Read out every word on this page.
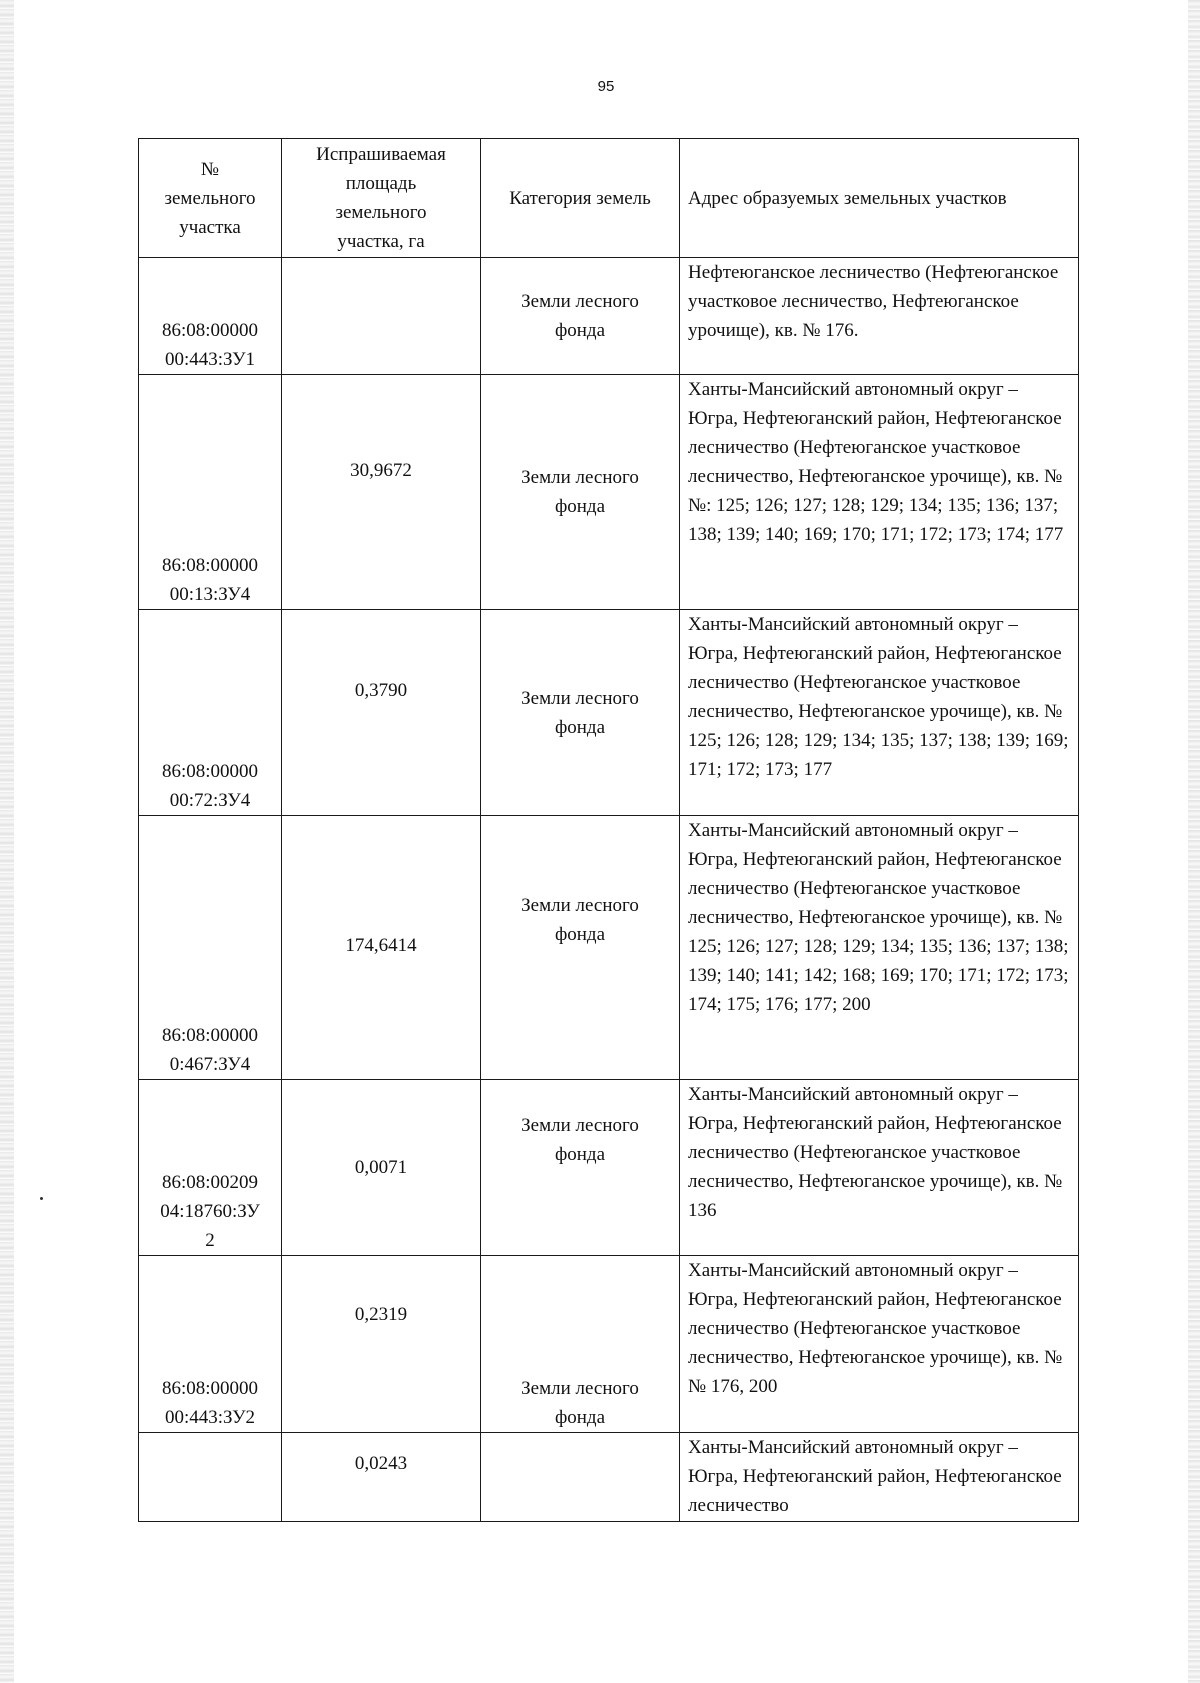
95
№
земельного
участка	Испрашиваемая
площадь
земельного
участка, га	Категория земель	Адрес образуемых земельных участков
86:08:00000
00:443:ЗУ1		Земли лесного
фонда	Нефтеюганское лесничество (Нефтеюганское участковое лесничество, Нефтеюганское урочище), кв. № 176.
86:08:00000
00:13:ЗУ4	30,9672	Земли лесного
фонда	Ханты-Мансийский автономный округ – Югра, Нефтеюганский район, Нефтеюганское лесничество (Нефтеюганское участковое лесничество, Нефтеюганское урочище), кв. №№: 125; 126; 127; 128; 129; 134; 135; 136; 137; 138; 139; 140; 169; 170; 171; 172; 173; 174; 177
86:08:00000
00:72:ЗУ4	0,3790	Земли лесного
фонда	Ханты-Мансийский автономный округ – Югра, Нефтеюганский район, Нефтеюганское лесничество (Нефтеюганское участковое лесничество, Нефтеюганское урочище), кв. № 125; 126; 128; 129; 134; 135; 137; 138; 139; 169; 171; 172; 173; 177
86:08:00000
0:467:ЗУ4	174,6414	Земли лесного
фонда	Ханты-Мансийский автономный округ – Югра, Нефтеюганский район, Нефтеюганское лесничество (Нефтеюганское участковое лесничество, Нефтеюганское урочище), кв. № 125; 126; 127; 128; 129; 134; 135; 136; 137; 138; 139; 140; 141; 142; 168; 169; 170; 171; 172; 173; 174; 175; 176; 177; 200
86:08:00209
04:18760:ЗУ
2	0,0071	Земли лесного
фонда	Ханты-Мансийский автономный округ – Югра, Нефтеюганский район, Нефтеюганское лесничество (Нефтеюганское участковое лесничество, Нефтеюганское урочище), кв. № 136
86:08:00000
00:443:ЗУ2	0,2319	Земли лесного
фонда	Ханты-Мансийский автономный округ – Югра, Нефтеюганский район, Нефтеюганское лесничество (Нефтеюганское участковое лесничество, Нефтеюганское урочище), кв. №№ 176, 200
	0,0243		Ханты-Мансийский автономный округ – Югра, Нефтеюганский район, Нефтеюганское лесничество
